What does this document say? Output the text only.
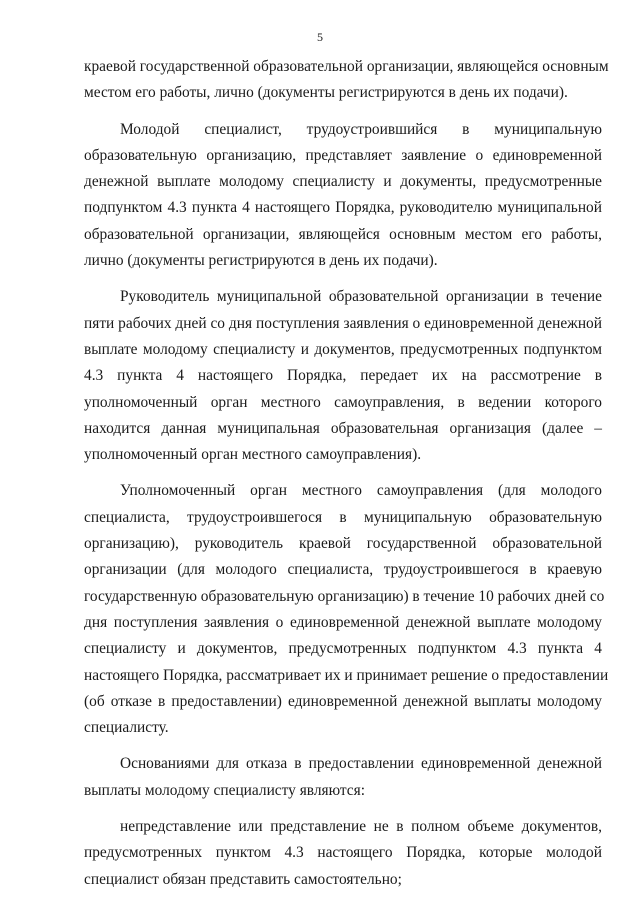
5

краевой государственной образовательной организации, являющейся основным
местом его работы, лично (документы регистрируются в день их подачи).

Молодой специалист, трудоустроившийся в муниципальную
образовательную организацию, представляет заявление о единовременной
денежной выплате молодому специалисту и документы, предусмотренные
подпунктом 4.3 пункта 4 настоящего Порядка, руководителю муниципальной
образовательной организации, являющейся основным местом его работы,
лично (документы регистрируются в день их подачи).

Руководитель муниципальной образовательной организации в течение
пяти рабочих дней со дня поступления заявления о единовременной денежной
выплате молодому специалисту и документов, предусмотренных подпунктом
4.3 пункта 4 настоящего Порядка, передает их на рассмотрение в
уполномоченный орган местного самоуправления, в ведении которого
находится данная муниципальная образовательная организация (далее –
уполномоченный орган местного самоуправления).

Уполномоченный орган местного самоуправления (для молодого
специалиста, трудоустроившегося в муниципальную образовательную
организацию), руководитель краевой государственной образовательной
организации (для молодого специалиста, трудоустроившегося в краевую
государственную образовательную организацию) в течение 10 рабочих дней со
дня поступления заявления о единовременной денежной выплате молодому
специалисту и документов, предусмотренных подпунктом 4.3 пункта 4
настоящего Порядка, рассматривает их и принимает решение о предоставлении
(об отказе в предоставлении) единовременной денежной выплаты молодому
специалисту.

Основаниями для отказа в предоставлении единовременной денежной
выплаты молодому специалисту являются:

непредставление или представление не в полном объеме документов,
предусмотренных пунктом 4.3 настоящего Порядка, которые молодой
специалист обязан представить самостоятельно;
